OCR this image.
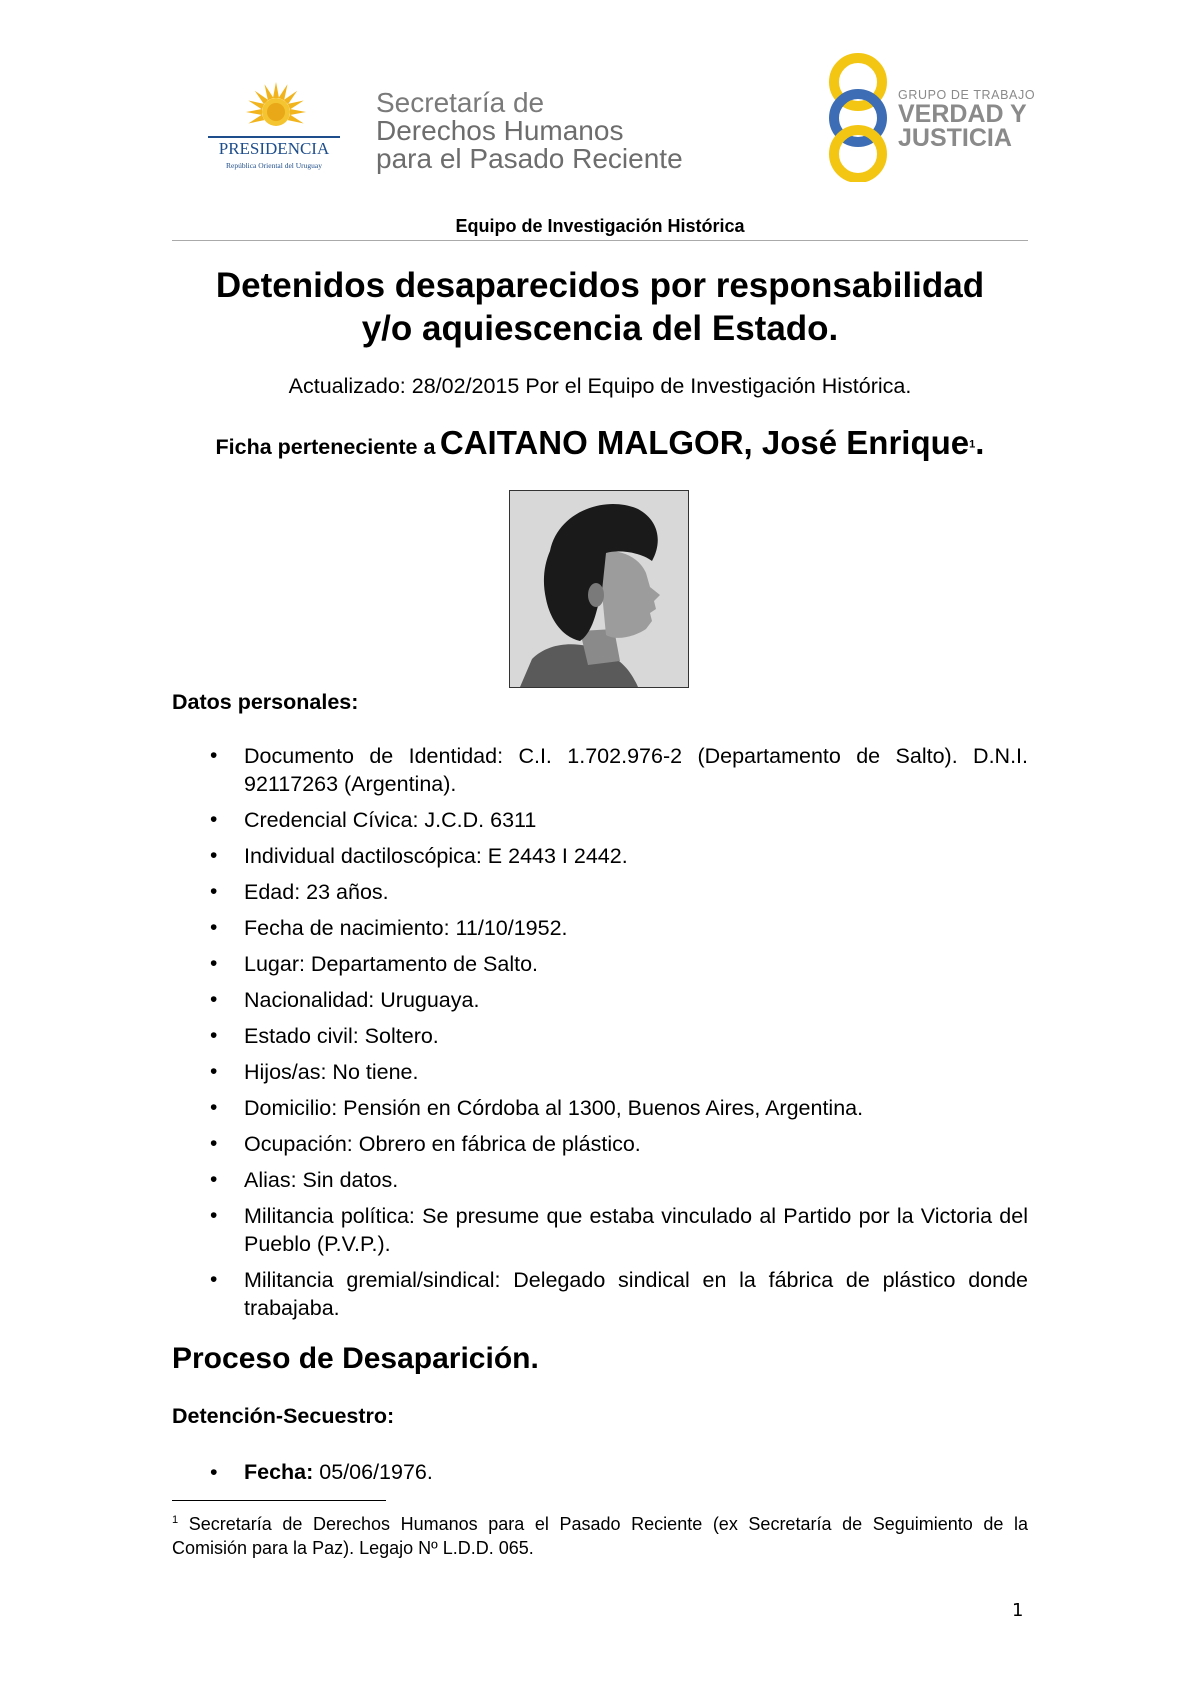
PRESIDENCIA
República Oriental del Uruguay
Secretaría de
Derechos Humanos
para el Pasado Reciente
GRUPO DE TRABAJO
VERDAD Y
JUSTICIA
Equipo de Investigación Histórica
Detenidos desaparecidos por responsabilidad
y/o aquiescencia del Estado.
Actualizado: 28/02/2015 Por el Equipo de Investigación Histórica.
Ficha perteneciente a CAITANO MALGOR, José Enrique$^1$.
Datos personales:
• Documento de Identidad: C.I. 1.702.976-2 (Departamento de Salto). D.N.I. 92117263 (Argentina).
• Credencial Cívica: J.C.D. 6311
• Individual dactiloscópica: E 2443 I 2442.
• Edad: 23 años.
• Fecha de nacimiento: 11/10/1952.
• Lugar: Departamento de Salto.
• Nacionalidad: Uruguaya.
• Estado civil: Soltero.
• Hijos/as: No tiene.
• Domicilio: Pensión en Córdoba al 1300, Buenos Aires, Argentina.
• Ocupación: Obrero en fábrica de plástico.
• Alias: Sin datos.
• Militancia política: Se presume que estaba vinculado al Partido por la Victoria del Pueblo (P.V.P.).
• Militancia gremial/sindical: Delegado sindical en la fábrica de plástico donde trabajaba.
Proceso de Desaparición.
Detención-Secuestro:
• Fecha: 05/06/1976.
$^1$ Secretaría de Derechos Humanos para el Pasado Reciente (ex Secretaría de Seguimiento de la Comisión para la Paz). Legajo Nº L.D.D. 065.
1
